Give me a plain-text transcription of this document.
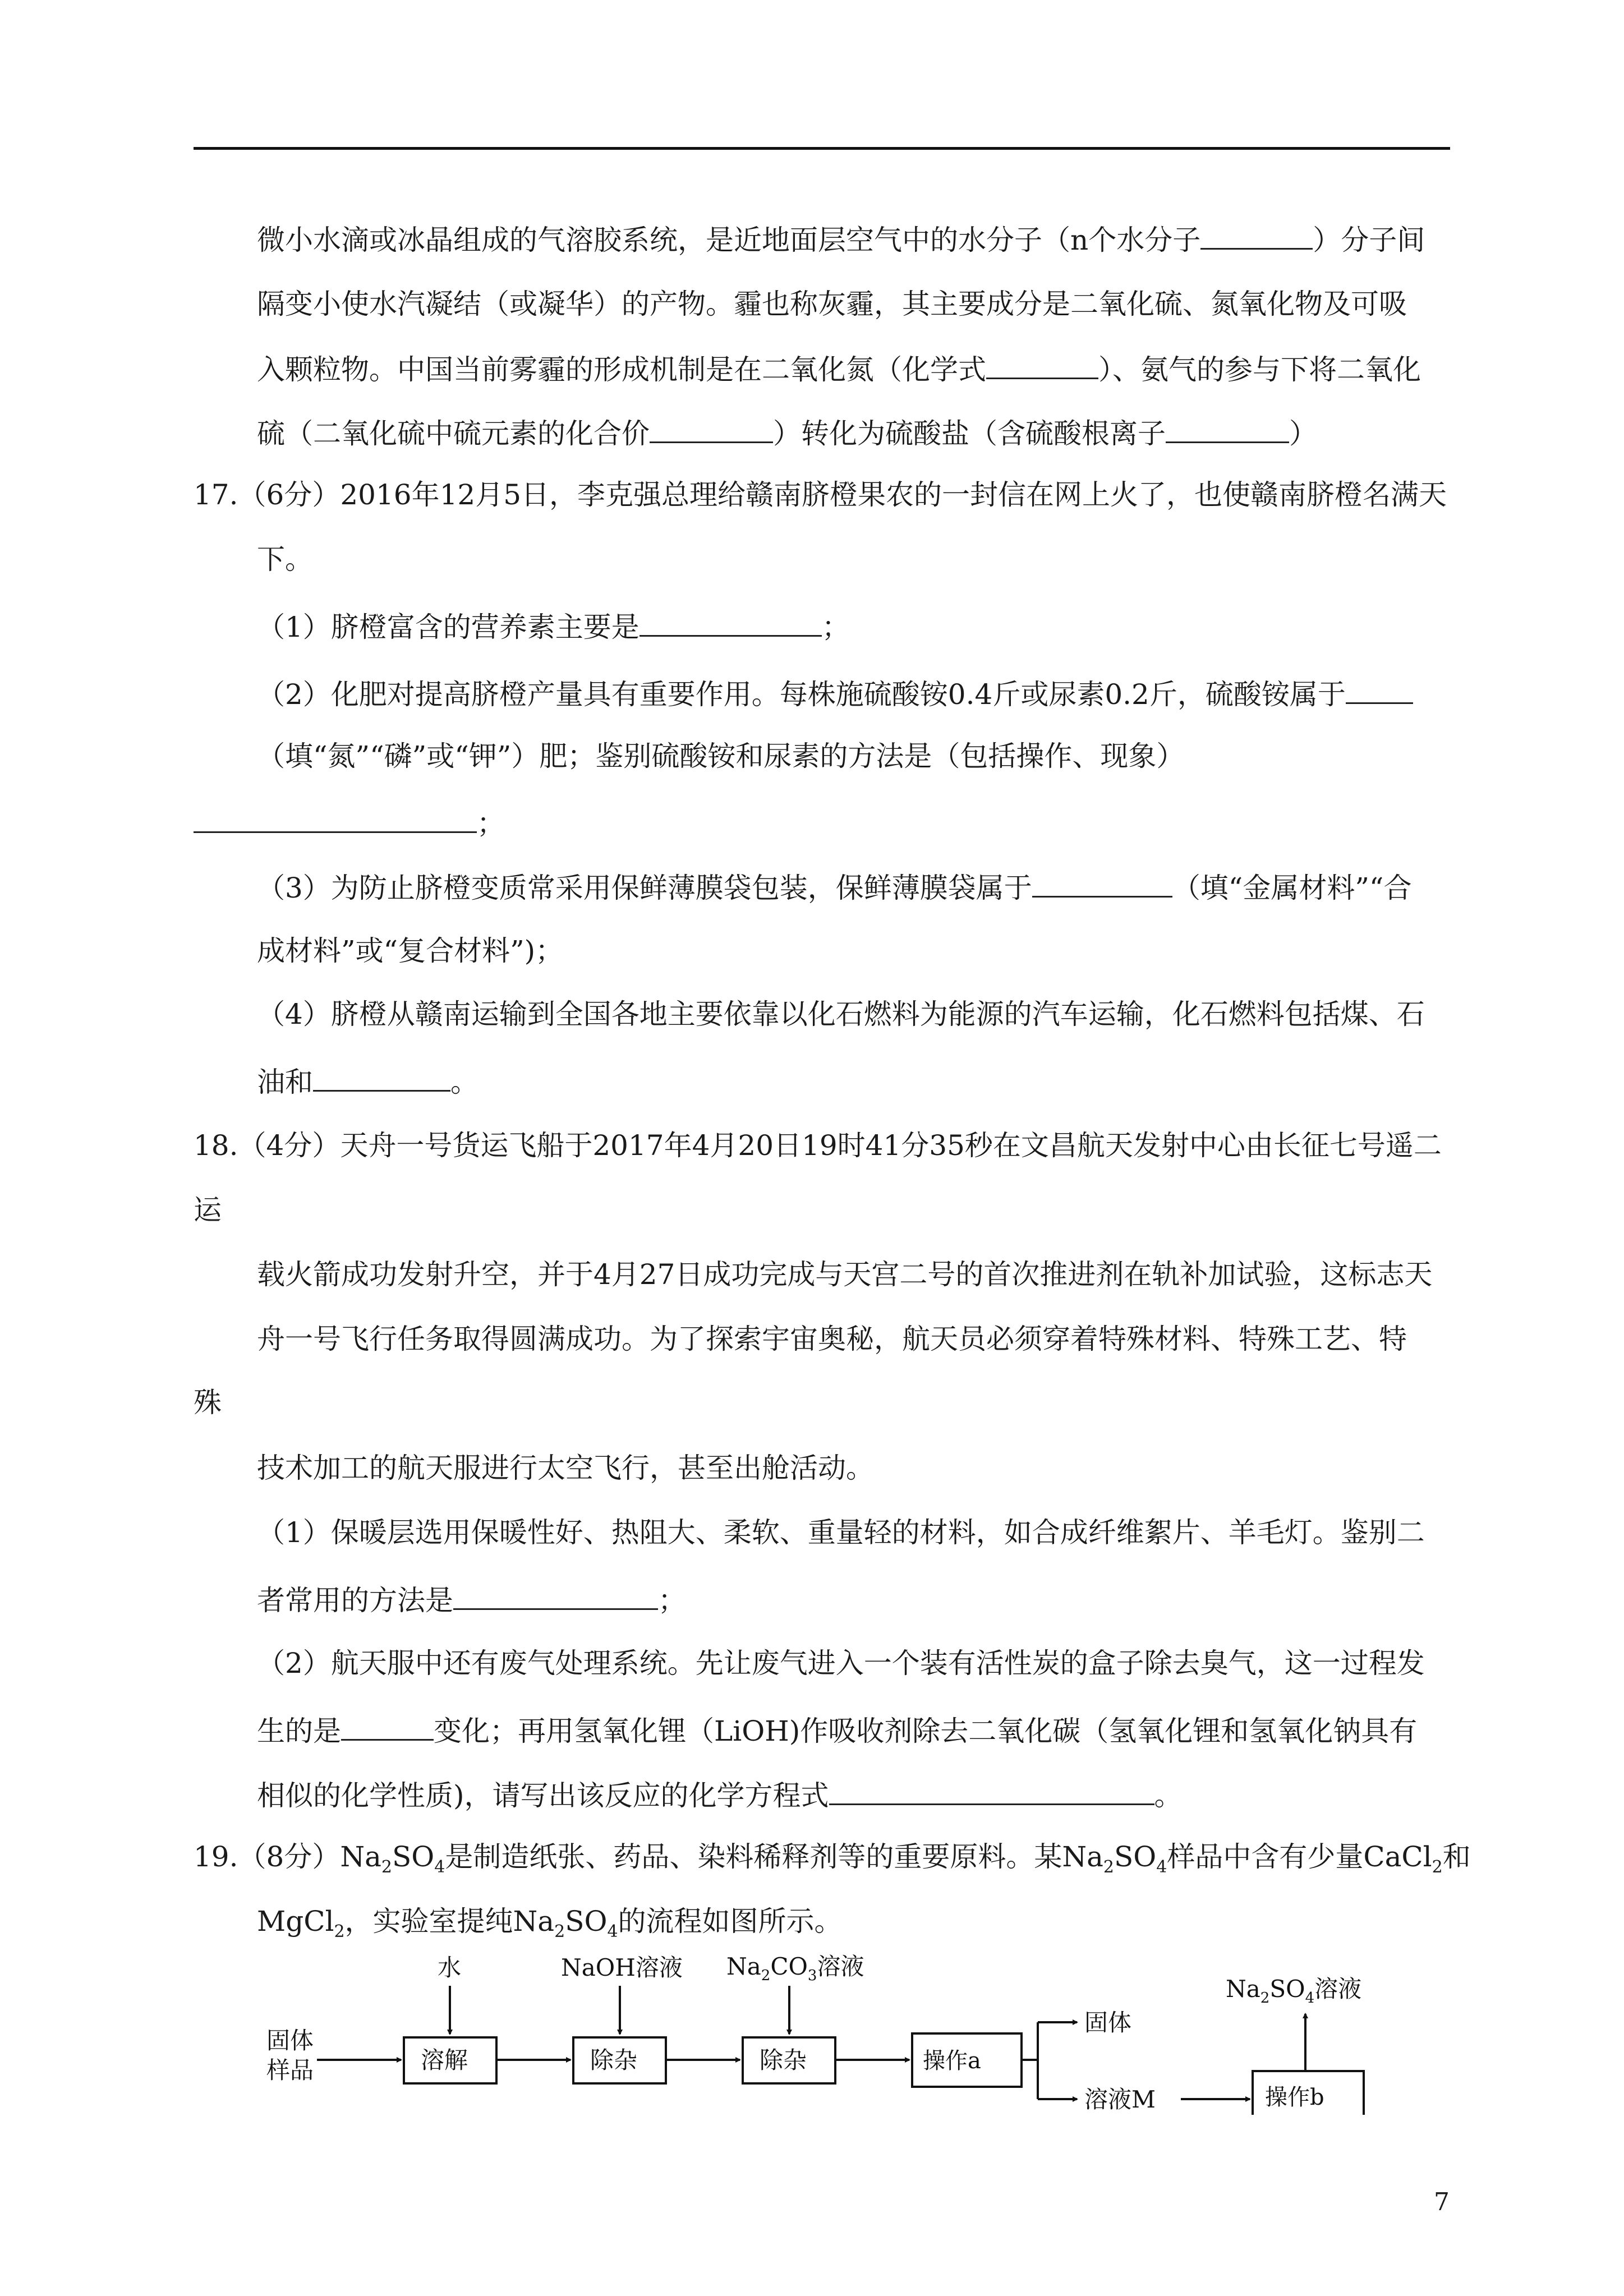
微小水滴或冰晶组成的气溶胶系统，是近地面层空气中的水分子（n个水分子	）分子间
隔变小使水汽凝结（或凝华）的产物。霾也称灰霾，其主要成分是二氧化硫、氮氧化物及可吸
入颗粒物。中国当前雾霾的形成机制是在二氧化氮（化学式	）、氨气的参与下将二氧化
硫（二氧化硫中硫元素的化合价	）转化为硫酸盐（含硫酸根离子	）
17.（6分）2016年12月5日，李克强总理给赣南脐橙果农的一封信在网上火了，也使赣南脐橙名满天
下。
（1）脐橙富含的营养素主要是	；
（2）化肥对提高脐橙产量具有重要作用。每株施硫酸铵0.4斤或尿素0.2斤，硫酸铵属于
（填“氮”“磷”或“钾”）肥；鉴别硫酸铵和尿素的方法是（包括操作、现象）
；
（3）为防止脐橙变质常采用保鲜薄膜袋包装，保鲜薄膜袋属于	（填“金属材料”“合
成材料”或“复合材料”)；
（4）脐橙从赣南运输到全国各地主要依靠以化石燃料为能源的汽车运输，化石燃料包括煤、石
油和	。
18.（4分）天舟一号货运飞船于2017年4月20日19时41分35秒在文昌航天发射中心由长征七号遥二
运
载火箭成功发射升空，并于4月27日成功完成与天宫二号的首次推进剂在轨补加试验，这标志天
舟一号飞行任务取得圆满成功。为了探索宇宙奥秘，航天员必须穿着特殊材料、特殊工艺、特
殊
技术加工的航天服进行太空飞行，甚至出舱活动。
（1）保暖层选用保暖性好、热阻大、柔软、重量轻的材料，如合成纤维絮片、羊毛灯。鉴别二
者常用的方法是	；
（2）航天服中还有废气处理系统。先让废气进入一个装有活性炭的盒子除去臭气，这一过程发
生的是	变化；再用氢氧化锂（LiOH)作吸收剂除去二氧化碳（氢氧化锂和氢氧化钠具有
相似的化学性质)，请写出该反应的化学方程式	。
19.（8分）$Na_2SO_4$是制造纸张、药品、染料稀释剂等的重要原料。某$Na_2SO_4$样品中含有少量CaCl$_2$和
MgCl$_2$，实验室提纯$Na_2SO_4$的流程如图所示。
固体
样品	溶解
水
除杂
NaOH溶液
除杂
$Na_2CO_3$溶液
操作a
固体
溶液M	操作b
$Na_2SO_4$溶液
7
